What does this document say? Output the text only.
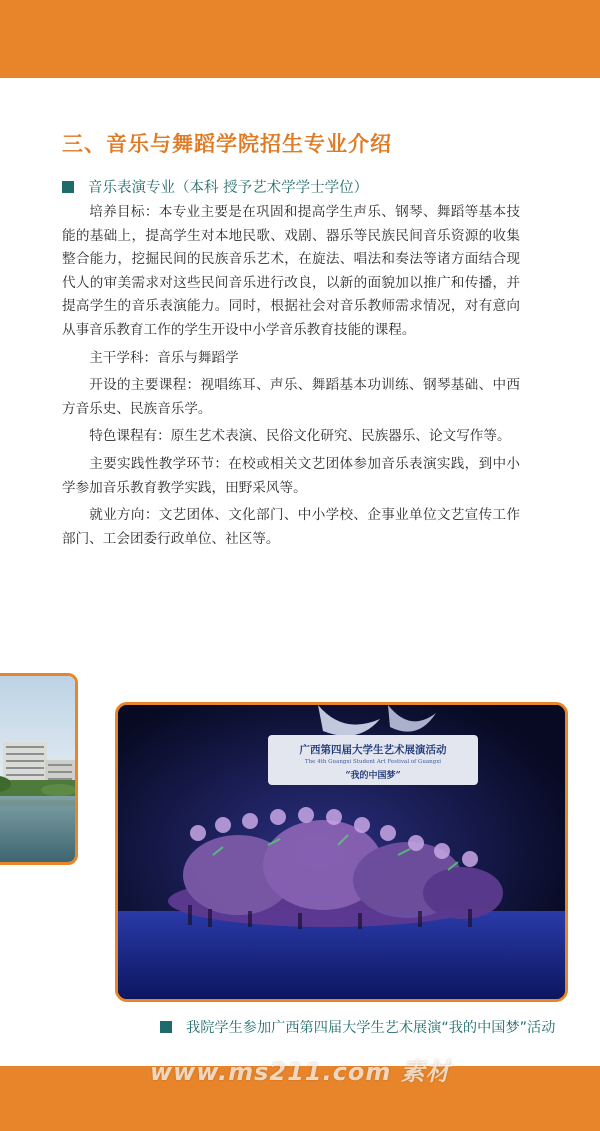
三、音乐与舞蹈学院招生专业介绍
音乐表演专业（本科 授予艺术学学士学位）

培养目标：本专业主要是在巩固和提高学生声乐、钢琴、舞蹈等基本技能的基础上，提高学生对本地民歌、戏剧、器乐等民族民间音乐资源的收集整合能力，挖掘民间的民族音乐艺术，在旋法、唱法和奏法等诸方面结合现代人的审美需求对这些民间音乐进行改良，以新的面貌加以推广和传播，并提高学生的音乐表演能力。同时，根据社会对音乐教师需求情况，对有意向从事音乐教育工作的学生开设中小学音乐教育技能的课程。

主干学科：音乐与舞蹈学

开设的主要课程：视唱练耳、声乐、舞蹈基本功训练、钢琴基础、中西方音乐史、民族音乐学。

特色课程有：原生艺术表演、民俗文化研究、民族器乐、论文写作等。

主要实践性教学环节：在校或相关文艺团体参加音乐表演实践，到中小学参加音乐教育教学实践，田野采风等。

就业方向：文艺团体、文化部门、中小学校、企事业单位文艺宣传工作部门、工会团委行政单位、社区等。

广西第四届大学生艺术展演活动
The 4th Guangxi Student Art Festival of Guangxi
“我的中国梦”
我院学生参加广西第四届大学生艺术展演“我的中国梦”活动
www.ms211.com 素材
